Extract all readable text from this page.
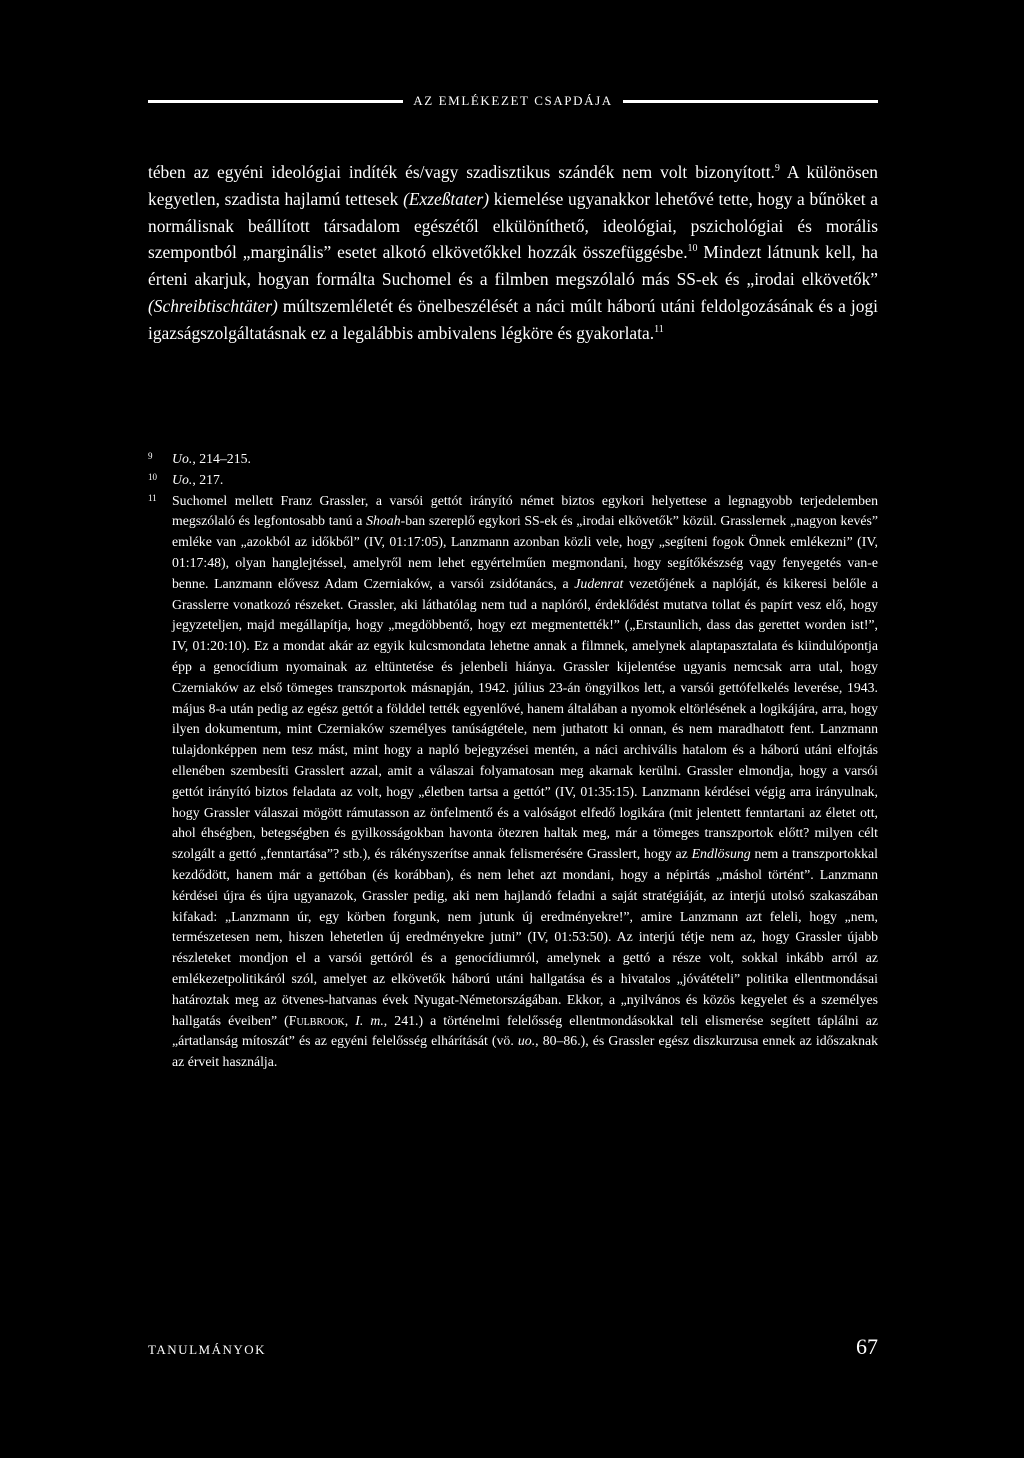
AZ EMLÉKEZET CSAPDÁJA

tében az egyéni ideológiai indíték és/vagy szadisztikus szándék nem volt bizonyított.$^9$ A különösen kegyetlen, szadista hajlamú tettesek (Exzeßtater) kiemelése ugyanakkor lehetővé tette, hogy a bűnöket a normálisnak beállított társadalom egészétől elkülöníthető, ideológiai, pszichológiai és morális szempontból „marginális” esetet alkotó elkövetőkkel hozzák összefüggésbe.$^{10}$ Mindezt látnunk kell, ha érteni akarjuk, hogyan formálta Suchomel és a filmben megszólaló más SS-ek és „irodai elkövetők” (Schreibtischtäter) múltszemléletét és önelbeszélését a náci múlt háború utáni feldolgozásának és a jogi igazságszolgáltatásnak ez a legalábbis ambivalens légköre és gyakorlata.$^{11}$

9 Uo., 214–215.
10 Uo., 217.
11 Suchomel mellett Franz Grassler, a varsói gettót irányító német biztos egykori helyettese a legnagyobb terjedelemben megszólaló és legfontosabb tanú a Shoah-ban szereplő egykori SS-ek és „irodai elkövetők” közül. Grasslernek „nagyon kevés” emléke van „azokból az időkből” (IV, 01:17:05), Lanzmann azonban közli vele, hogy „segíteni fogok Önnek emlékezni” (IV, 01:17:48), olyan hanglejtéssel, amelyről nem lehet egyértelműen megmondani, hogy segítőkészség vagy fenyegetés van-e benne. Lanzmann elővesz Adam Czerniaków, a varsói zsidótanács, a Judenrat vezetőjének a naplóját, és kikeresi belőle a Grasslerre vonatkozó részeket. Grassler, aki láthatólag nem tud a naplóról, érdeklődést mutatva tollat és papírt vesz elő, hogy jegyzeteljen, majd megállapítja, hogy „megdöbbentő, hogy ezt megmentették!” („Erstaunlich, dass das gerettet worden ist!”, IV, 01:20:10). Ez a mondat akár az egyik kulcsmondata lehetne annak a filmnek, amelynek alaptapasztalata és kiindulópontja épp a genocídium nyomainak az eltüntetése és jelenbeli hiánya. Grassler kijelentése ugyanis nemcsak arra utal, hogy Czerniaków az első tömeges transzportok másnapján, 1942. július 23-án öngyilkos lett, a varsói gettófelkelés leverése, 1943. május 8-a után pedig az egész gettót a földdel tették egyenlővé, hanem általában a nyomok eltörlésének a logikájára, arra, hogy ilyen dokumentum, mint Czerniaków személyes tanúságtétele, nem juthatott ki onnan, és nem maradhatott fent. Lanzmann tulajdonképpen nem tesz mást, mint hogy a napló bejegyzései mentén, a náci archivális hatalom és a háború utáni elfojtás ellenében szembesíti Grasslert azzal, amit a válaszai folyamatosan meg akarnak kerülni. Grassler elmondja, hogy a varsói gettót irányító biztos feladata az volt, hogy „életben tartsa a gettót” (IV, 01:35:15). Lanzmann kérdései végig arra irányulnak, hogy Grassler válaszai mögött rámutasson az önfelmentő és a valóságot elfedő logikára (mit jelentett fenntartani az életet ott, ahol éhségben, betegségben és gyilkosságokban havonta ötezren haltak meg, már a tömeges transzportok előtt? milyen célt szolgált a gettó „fenntartása”? stb.), és rákényszerítse annak felismerésére Grasslert, hogy az Endlösung nem a transzportokkal kezdődött, hanem már a gettóban (és korábban), és nem lehet azt mondani, hogy a népirtás „máshol történt”. Lanzmann kérdései újra és újra ugyanazok, Grassler pedig, aki nem hajlandó feladni a saját stratégiáját, az interjú utolsó szakaszában kifakad: „Lanzmann úr, egy körben forgunk, nem jutunk új eredményekre!”, amire Lanzmann azt feleli, hogy „nem, természetesen nem, hiszen lehetetlen új eredményekre jutni” (IV, 01:53:50). Az interjú tétje nem az, hogy Grassler újabb részleteket mondjon el a varsói gettóról és a genocídiumról, amelynek a gettó a része volt, sokkal inkább arról az emlékezetpolitikáról szól, amelyet az elkövetők háború utáni hallgatása és a hivatalos „jóvátételi” politika ellentmondásai határoztak meg az ötvenes-hatvanas évek Nyugat-Németországában. Ekkor, a „nyilvános és közös kegyelet és a személyes hallgatás éveiben” (Fulbrook, I. m., 241.) a történelmi felelősség ellentmondásokkal teli elismerése segített táplálni az „ártatlanság mítoszát” és az egyéni felelősség elhárítását (vö. uo., 80–86.), és Grassler egész diszkurzusa ennek az időszaknak az érveit használja.
TANULMÁNYOK	67
